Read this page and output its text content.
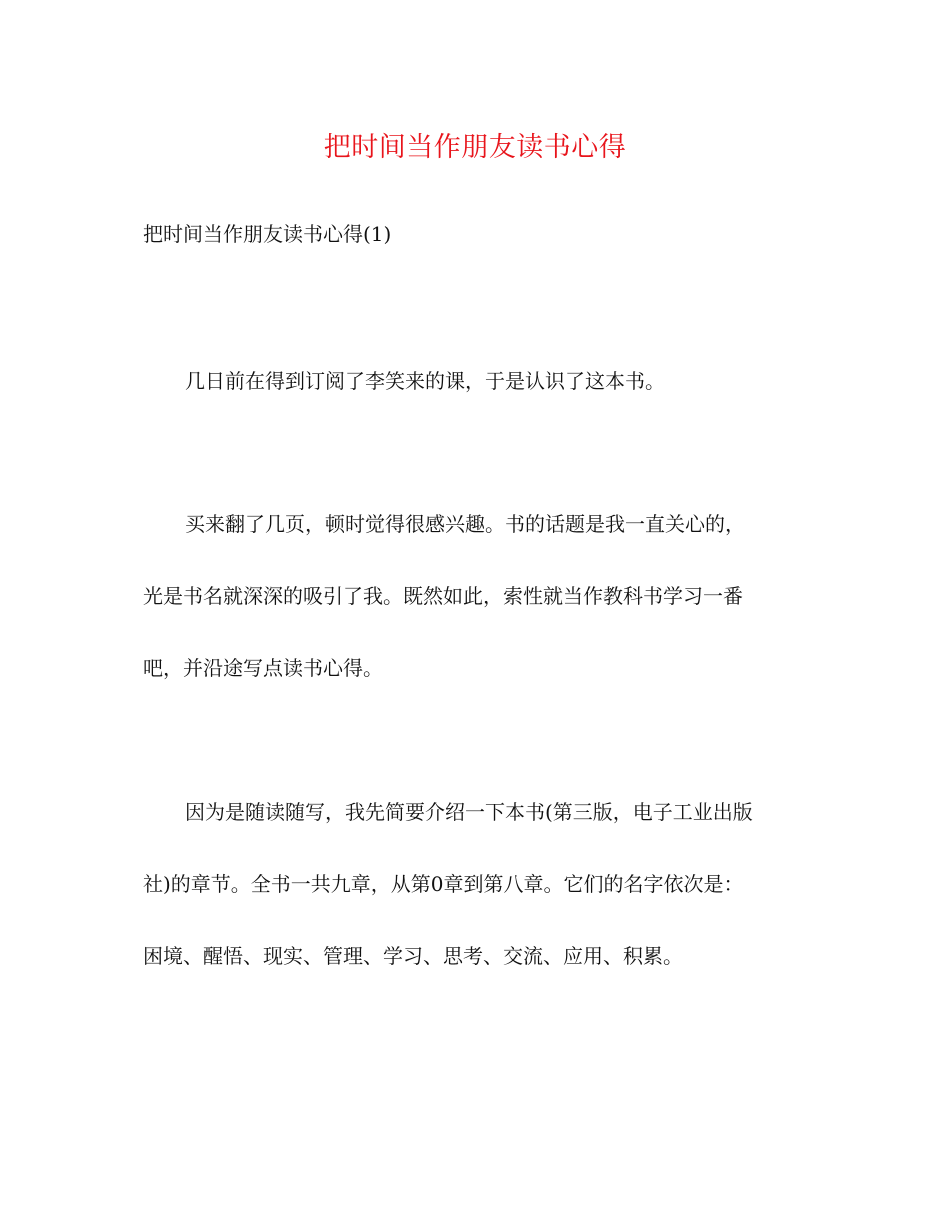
把时间当作朋友读书心得
把时间当作朋友读书心得(1)
几日前在得到订阅了李笑来的课，于是认识了这本书。
买来翻了几页，顿时觉得很感兴趣。书的话题是我一直关心的，
光是书名就深深的吸引了我。既然如此，索性就当作教科书学习一番
吧，并沿途写点读书心得。
因为是随读随写，我先简要介绍一下本书(第三版，电子工业出版
社)的章节。全书一共九章，从第0章到第八章。它们的名字依次是：
困境、醒悟、现实、管理、学习、思考、交流、应用、积累。
